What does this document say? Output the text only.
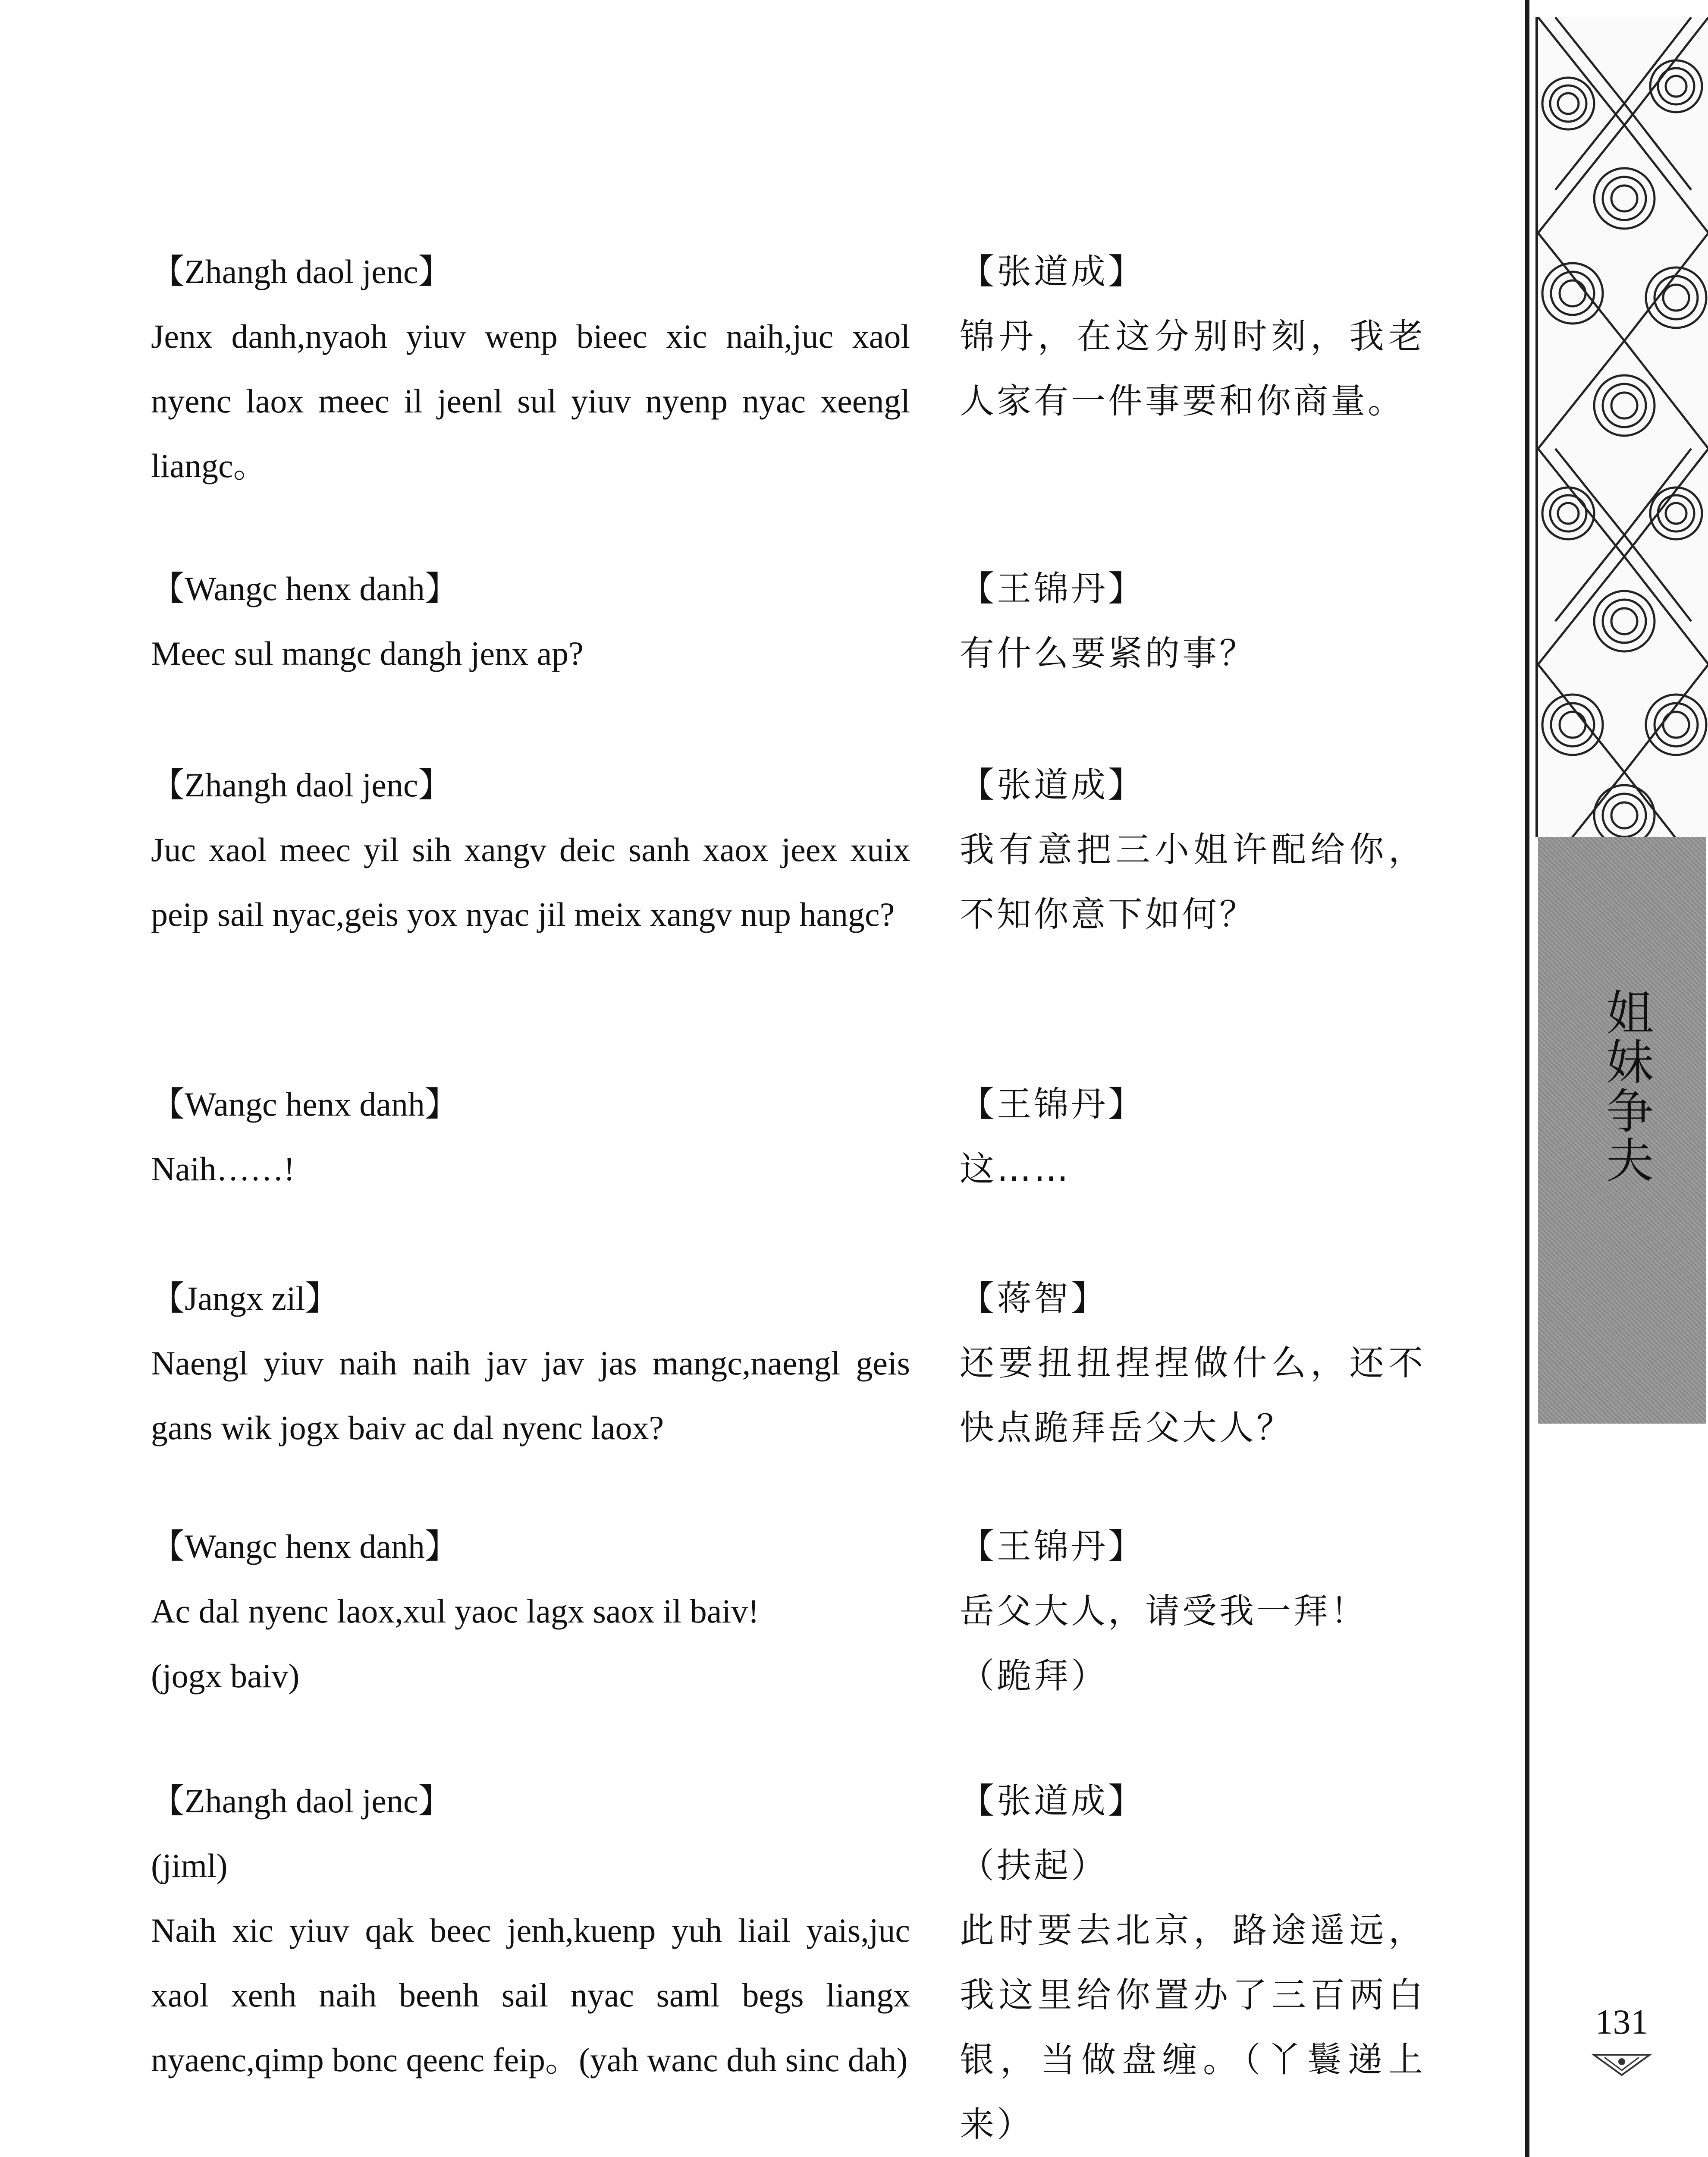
姐妹争夫
131
【Zhangh daol jenc】
Jenx danh,nyaoh yiuv wenp bieec xic naih,juc xaol nyenc laox meec il jeenl sul yiuv nyenp nyac xeengl liangc。
【张道成】
锦丹，在这分别时刻，我老人家有一件事要和你商量。
【Wangc henx danh】
Meec sul mangc dangh jenx ap?
【王锦丹】
有什么要紧的事？
【Zhangh daol jenc】
Juc xaol meec yil sih xangv deic sanh xaox jeex xuix peip sail nyac,geis yox nyac jil meix xangv nup hangc?
【张道成】
我有意把三小姐许配给你，不知你意下如何？
【Wangc henx danh】
Naih……!
【王锦丹】
这……
【Jangx zil】
Naengl yiuv naih naih jav jav jas mangc,naengl geis gans wik jogx baiv ac dal nyenc laox?
【蒋智】
还要扭扭捏捏做什么，还不快点跪拜岳父大人？
【Wangc henx danh】
Ac dal nyenc laox,xul yaoc lagx saox il baiv!
(jogx baiv)
【王锦丹】
岳父大人，请受我一拜！
（跪拜）
【Zhangh daol jenc】
(jiml)
Naih xic yiuv qak beec jenh,kuenp yuh liail yais,juc xaol xenh naih beenh sail nyac saml begs liangx nyaenc,qimp bonc qeenc feip。(yah wanc duh sinc dah)
【张道成】
（扶起）
此时要去北京，路途遥远，我这里给你置办了三百两白银，当做盘缠。（丫鬟递上来）
